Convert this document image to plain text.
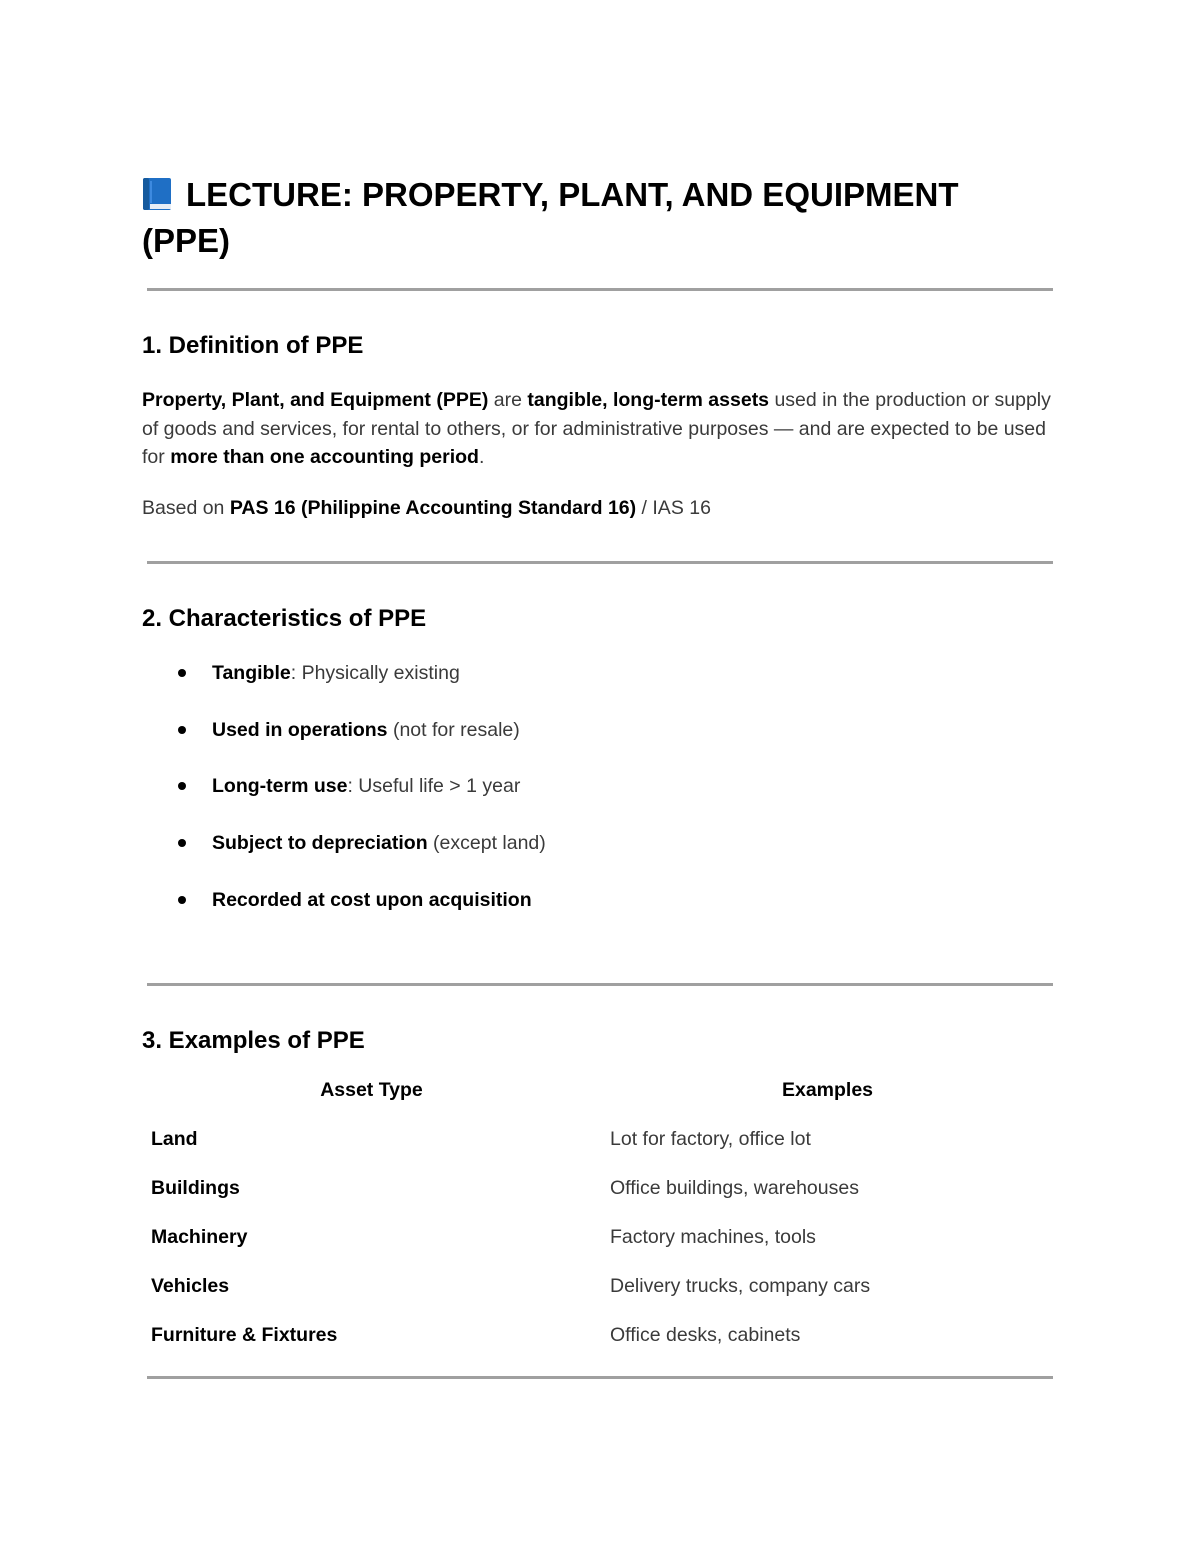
LECTURE: PROPERTY, PLANT, AND EQUIPMENT (PPE)
1. Definition of PPE

Property, Plant, and Equipment (PPE) are tangible, long-term assets used in the production or supply of goods and services, for rental to others, or for administrative purposes — and are expected to be used for more than one accounting period.

Based on PAS 16 (Philippine Accounting Standard 16) / IAS 16

2. Characteristics of PPE
Tangible: Physically existing
Used in operations (not for resale)
Long-term use: Useful life > 1 year
Subject to depreciation (except land)
Recorded at cost upon acquisition
3. Examples of PPE
Asset Type	Examples
Land	Lot for factory, office lot
Buildings	Office buildings, warehouses
Machinery	Factory machines, tools
Vehicles	Delivery trucks, company cars
Furniture & Fixtures	Office desks, cabinets
